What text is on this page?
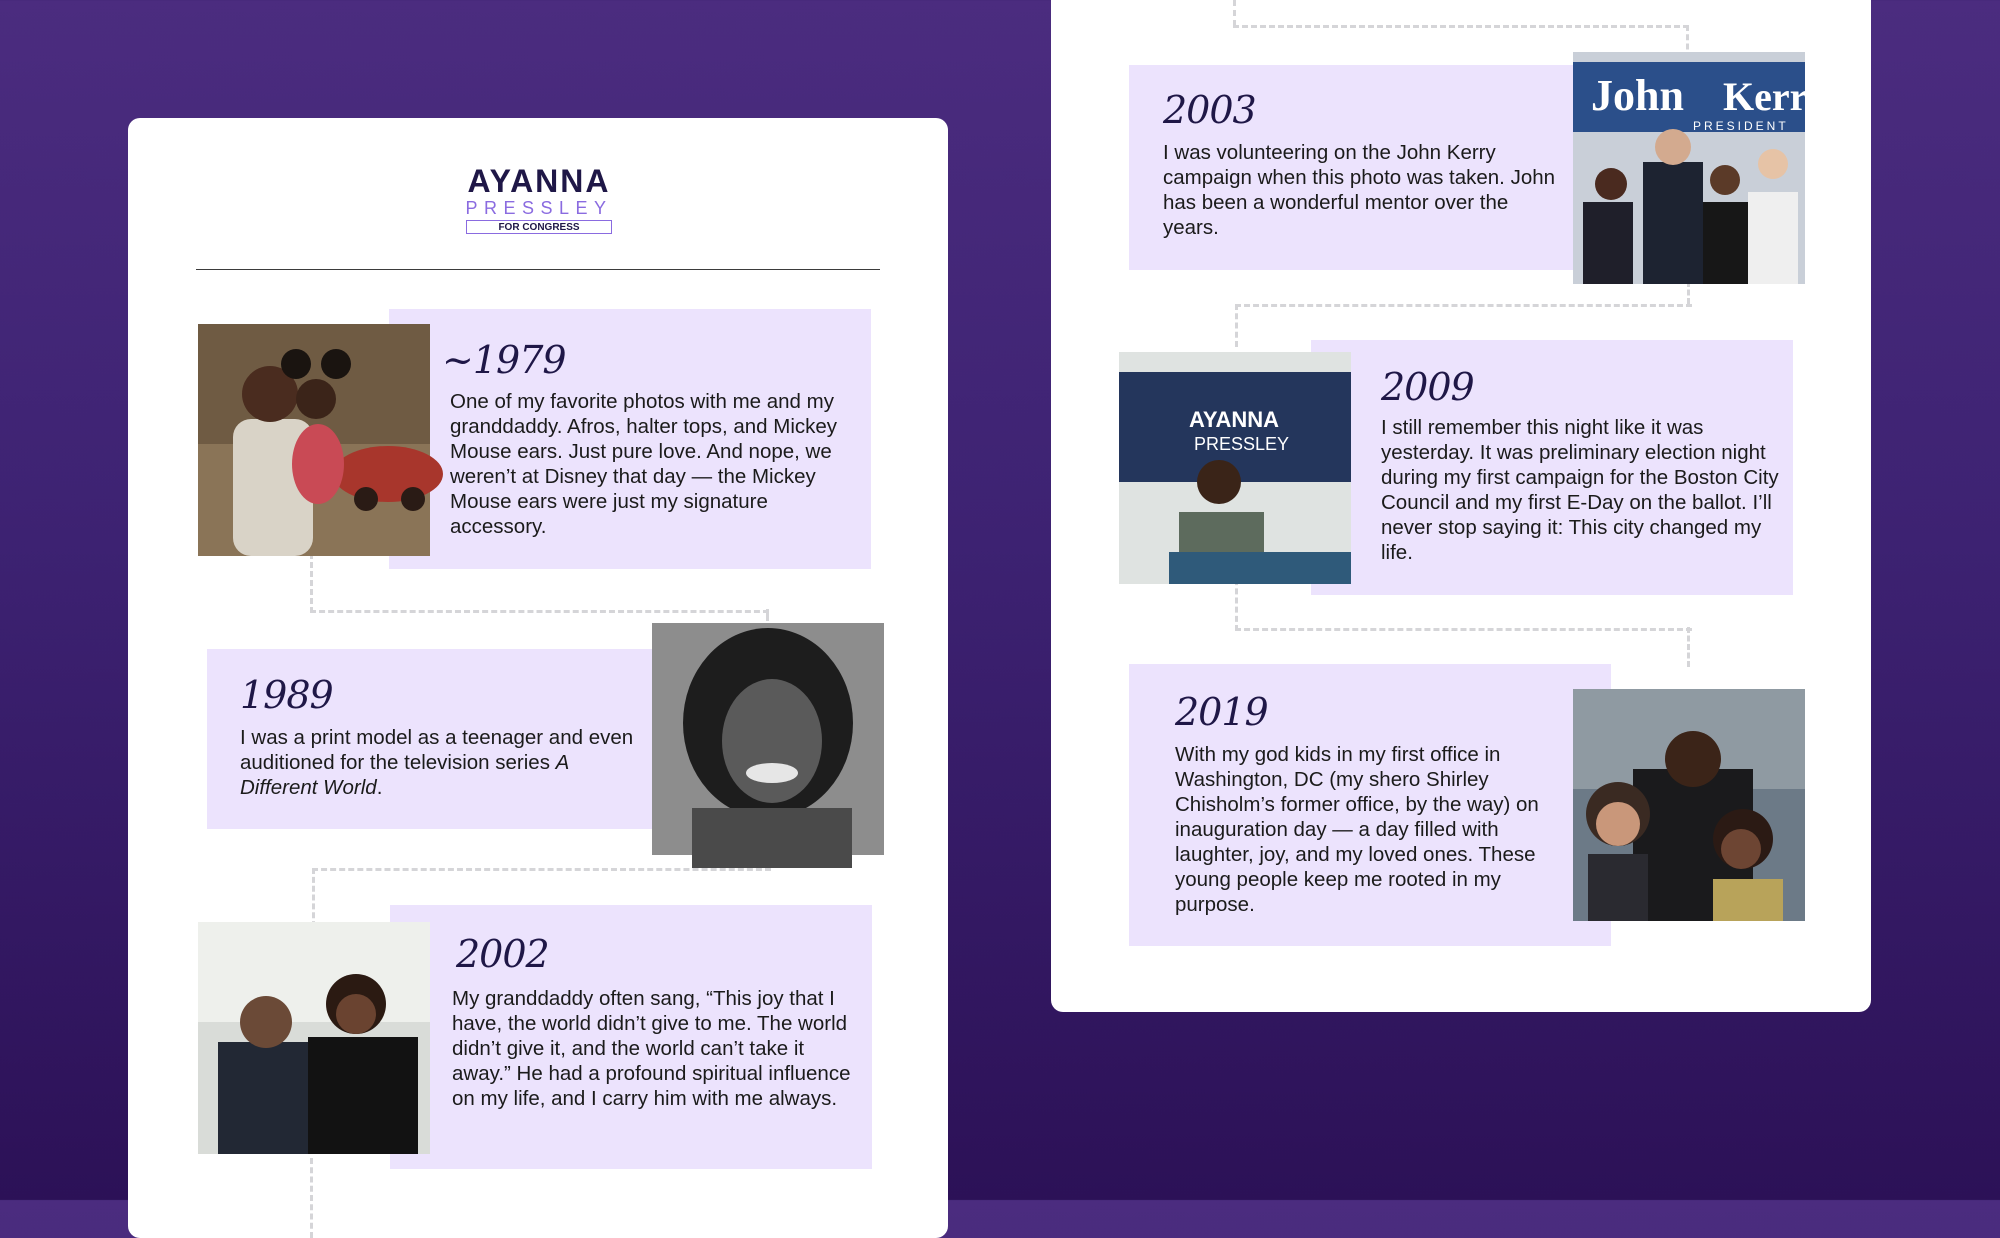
AYANNA
PRESSLEY
FOR CONGRESS
~1979
One of my favorite photos with me and my granddaddy. Afros, halter tops, and Mickey Mouse ears. Just pure love. And nope, we weren’t at Disney that day — the Mickey Mouse ears were just my signature accessory.
1989
I was a print model as a teenager and even auditioned for the television series A Different World.
2002
My granddaddy often sang, “This joy that I have, the world didn’t give to me. The world didn’t give it, and the world can’t take it away.” He had a profound spiritual influence on my life, and I carry him with me always.
John Kerry
PRESIDENT
2003
I was volunteering on the John Kerry campaign when this photo was taken. John has been a wonderful mentor over the years.
AYANNA
PRESSLEY
2009
I still remember this night like it was yesterday. It was preliminary election night during my first campaign for the Boston City Council and my first E-Day on the ballot. I’ll never stop saying it: This city changed my life.
2019
With my god kids in my first office in Washington, DC (my shero Shirley Chisholm’s former office, by the way) on inauguration day — a day filled with laughter, joy, and my loved ones. These young people keep me rooted in my purpose.
